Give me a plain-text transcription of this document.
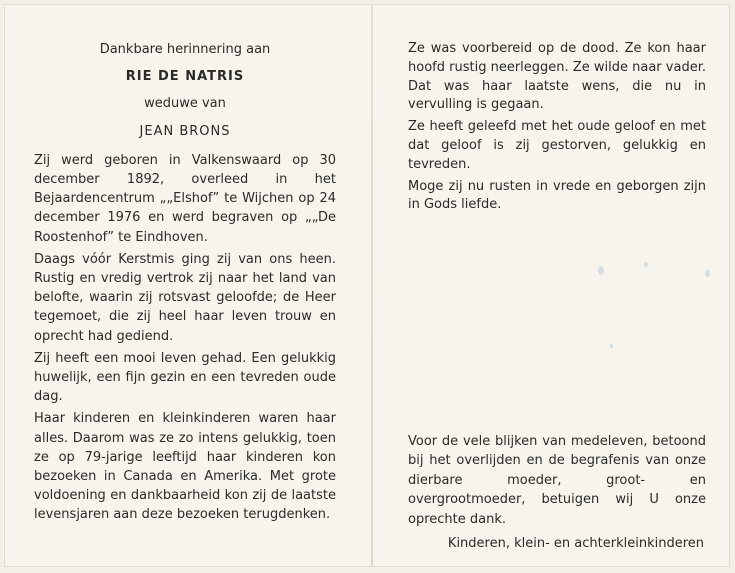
Dankbare herinnering aan
RIE DE NATRIS
weduwe van
JEAN BRONS

Zij werd geboren in Valkenswaard op 30 december 1892, overleed in het Bejaardencentrum „„Elshof” te Wijchen op 24 december 1976 en werd begraven op „„De Roostenhof” te Eindhoven.

Daags vóór Kerstmis ging zij van ons heen. Rustig en vredig vertrok zij naar het land van belofte, waarin zij rotsvast geloofde; de Heer tegemoet, die zij heel haar leven trouw en oprecht had gediend.

Zij heeft een mooi leven gehad. Een gelukkig huwelijk, een fijn gezin en een tevreden oude dag.

Haar kinderen en kleinkinderen waren haar alles. Daarom was ze zo intens gelukkig, toen ze op 79-jarige leeftijd haar kinderen kon bezoeken in Canada en Amerika. Met grote voldoening en dankbaarheid kon zij de laatste levensjaren aan deze bezoeken terugdenken.

Ze was voorbereid op de dood. Ze kon haar hoofd rustig neerleggen. Ze wilde naar vader. Dat was haar laatste wens, die nu in vervulling is gegaan.

Ze heeft geleefd met het oude geloof en met dat geloof is zij gestorven, gelukkig en tevreden.

Moge zij nu rusten in vrede en geborgen zijn in Gods liefde.

Voor de vele blijken van medeleven, betoond bij het overlijden en de begrafenis van onze dierbare moeder, groot- en overgrootmoeder, betuigen wij U onze oprechte dank.
Kinderen, klein- en achterkleinkinderen
